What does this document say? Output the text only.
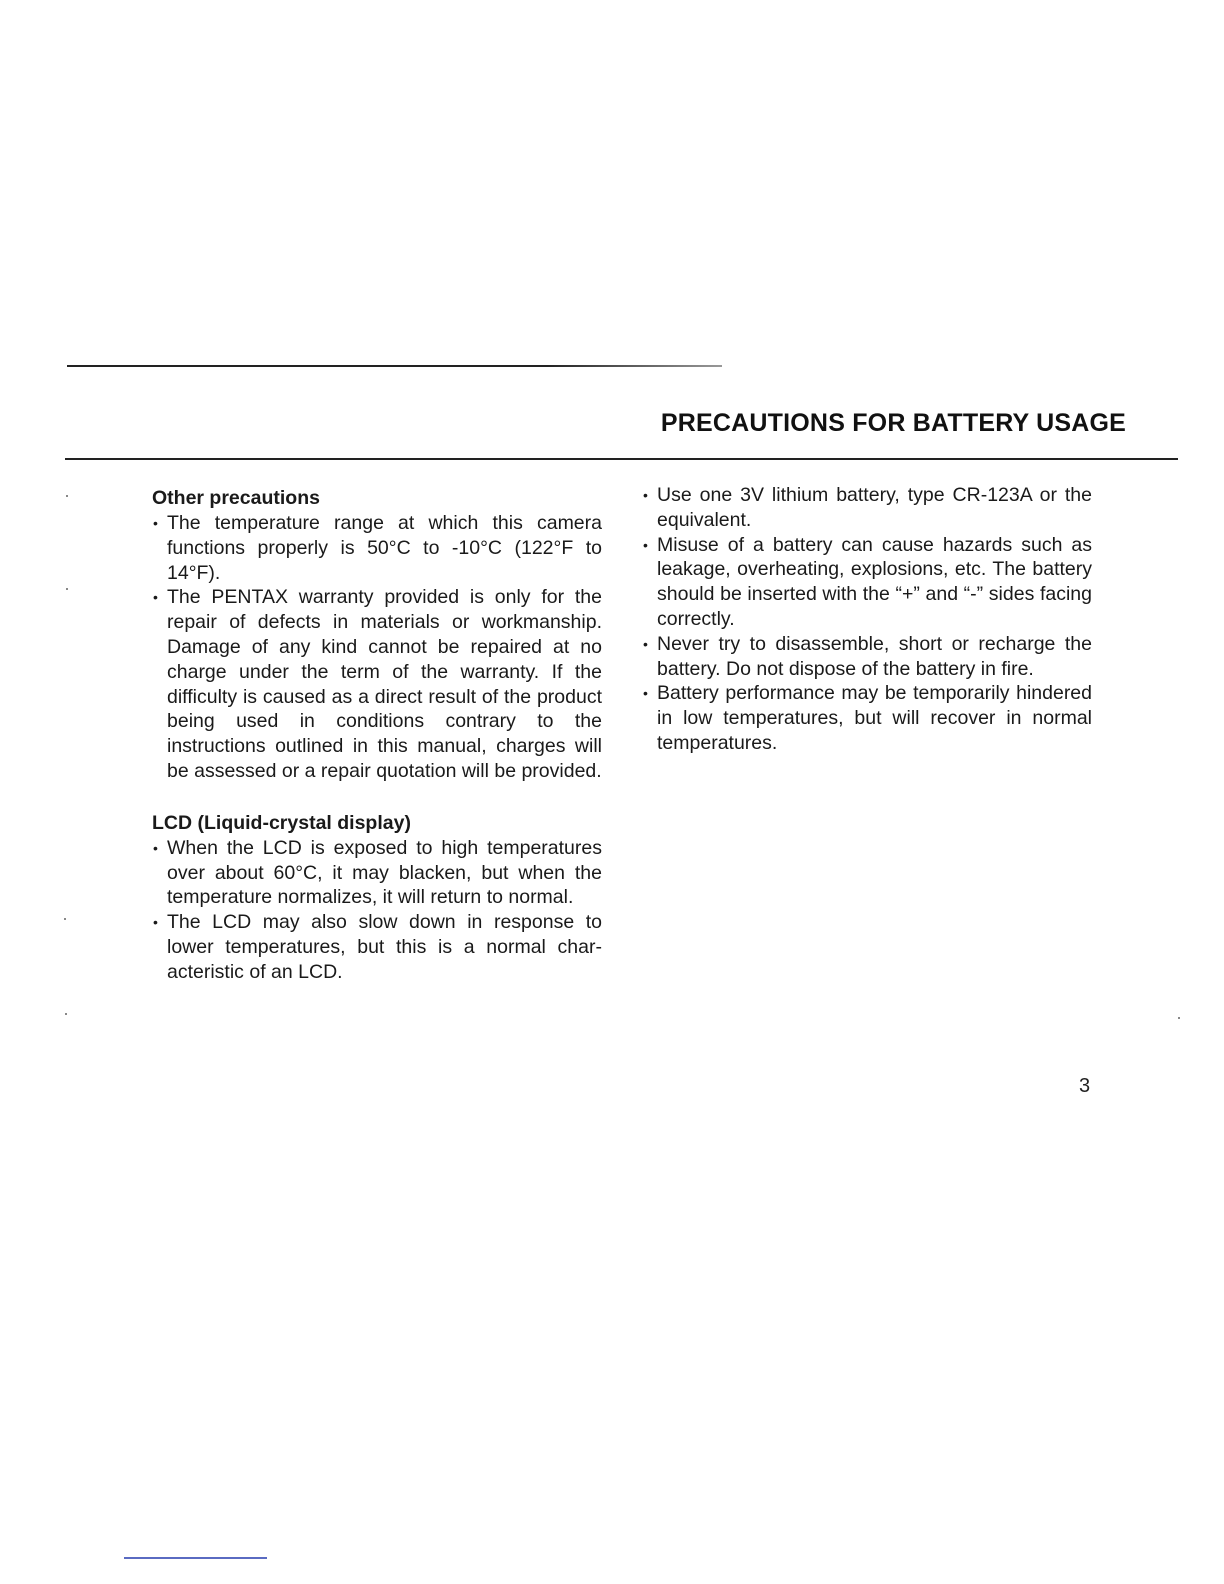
PRECAUTIONS FOR BATTERY USAGE
Other precautions
• The temperature range at which this camera functions properly is 50°C to -10°C (122°F to 14°F).
• The PENTAX warranty provided is only for the repair of defects in materials or workmanship. Damage of any kind cannot be repaired at no charge under the term of the warranty. If the difficulty is caused as a direct result of the product being used in conditions contrary to the instructions outlined in this manual, charges will be assessed or a repair quotation will be provided.
LCD (Liquid-crystal display)
• When the LCD is exposed to high temperatures over about 60°C, it may blacken, but when the temperature normalizes, it will return to normal.
• The LCD may also slow down in response to lower temperatures, but this is a normal characteristic of an LCD.
• Use one 3V lithium battery, type CR-123A or the equivalent.
• Misuse of a battery can cause hazards such as leakage, overheating, explosions, etc. The battery should be inserted with the “+” and “-” sides facing correctly.
• Never try to disassemble, short or recharge the battery. Do not dispose of the battery in fire.
• Battery performance may be temporarily hindered in low temperatures, but will recover in normal temperatures.
3
